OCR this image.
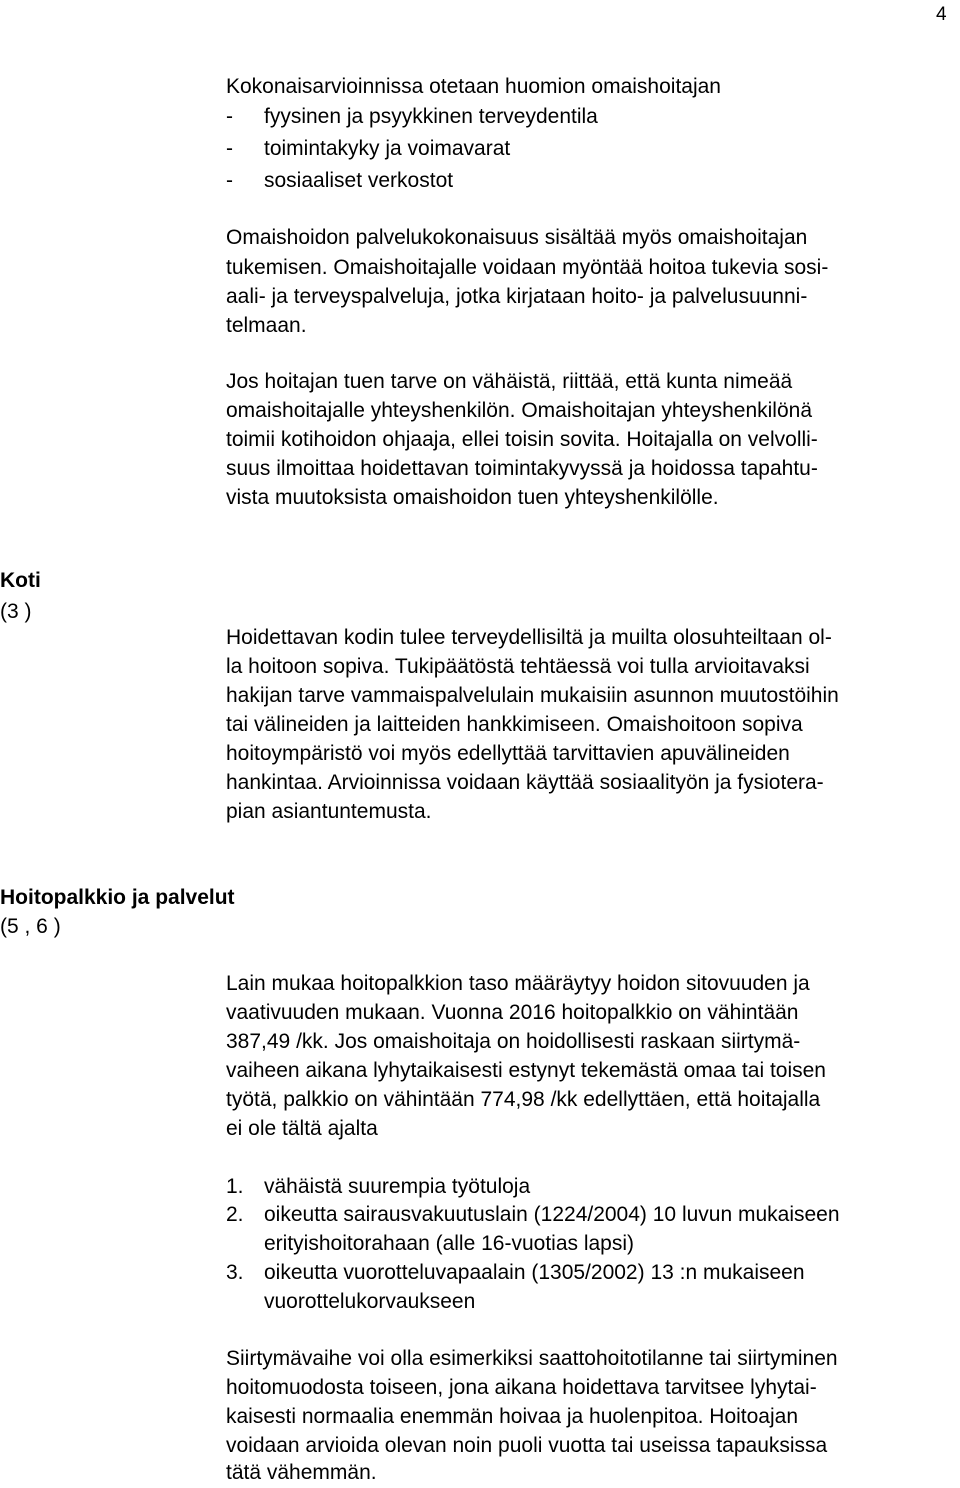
4
Kokonaisarvioinnissa otetaan huomion omaishoitajan
- fyysinen ja psyykkinen terveydentila
- toimintakyky ja voimavarat
- sosiaaliset verkostot
Omaishoidon palvelukokonaisuus sisältää myös omaishoitajan
tukemisen. Omaishoitajalle voidaan myöntää hoitoa tukevia sosi-
aali- ja terveyspalveluja, jotka kirjataan hoito- ja palvelusuunni-
telmaan.
Jos hoitajan tuen tarve on vähäistä, riittää, että kunta nimeää
omaishoitajalle yhteyshenkilön. Omaishoitajan yhteyshenkilönä
toimii kotihoidon ohjaaja, ellei toisin sovita. Hoitajalla on velvolli-
suus ilmoittaa hoidettavan toimintakyvyssä ja hoidossa tapahtu-
vista muutoksista omaishoidon tuen yhteyshenkilölle.
Koti
(3 )
Hoidettavan kodin tulee terveydellisiltä ja muilta olosuhteiltaan ol-
la hoitoon sopiva. Tukipäätöstä tehtäessä voi tulla arvioitavaksi
hakijan tarve vammaispalvelulain mukaisiin asunnon muutostöihin
tai välineiden ja laitteiden hankkimiseen. Omaishoitoon sopiva
hoitoympäristö voi myös edellyttää tarvittavien apuvälineiden
hankintaa. Arvioinnissa voidaan käyttää sosiaalityön ja fysiotera-
pian asiantuntemusta.
Hoitopalkkio ja palvelut
(5 , 6 )
Lain mukaa hoitopalkkion taso määräytyy hoidon sitovuuden ja
vaativuuden mukaan. Vuonna 2016 hoitopalkkio on vähintään
387,49 /kk. Jos omaishoitaja on hoidollisesti raskaan siirtymä-
vaiheen aikana lyhytaikaisesti estynyt tekemästä omaa tai toisen
työtä, palkkio on vähintään 774,98 /kk edellyttäen, että hoitajalla
ei ole tältä ajalta
1. vähäistä suurempia työtuloja
2. oikeutta sairausvakuutuslain (1224/2004) 10 luvun mukaiseen
erityishoitorahaan (alle 16-vuotias lapsi)
3. oikeutta vuorotteluvapaalain (1305/2002) 13 :n mukaiseen
vuorottelukorvaukseen
Siirtymävaihe voi olla esimerkiksi saattohoitotilanne tai siirtyminen
hoitomuodosta toiseen, jona aikana hoidettava tarvitsee lyhytai-
kaisesti normaalia enemmän hoivaa ja huolenpitoa. Hoitoajan
voidaan arvioida olevan noin puoli vuotta tai useissa tapauksissa
tätä vähemmän.
